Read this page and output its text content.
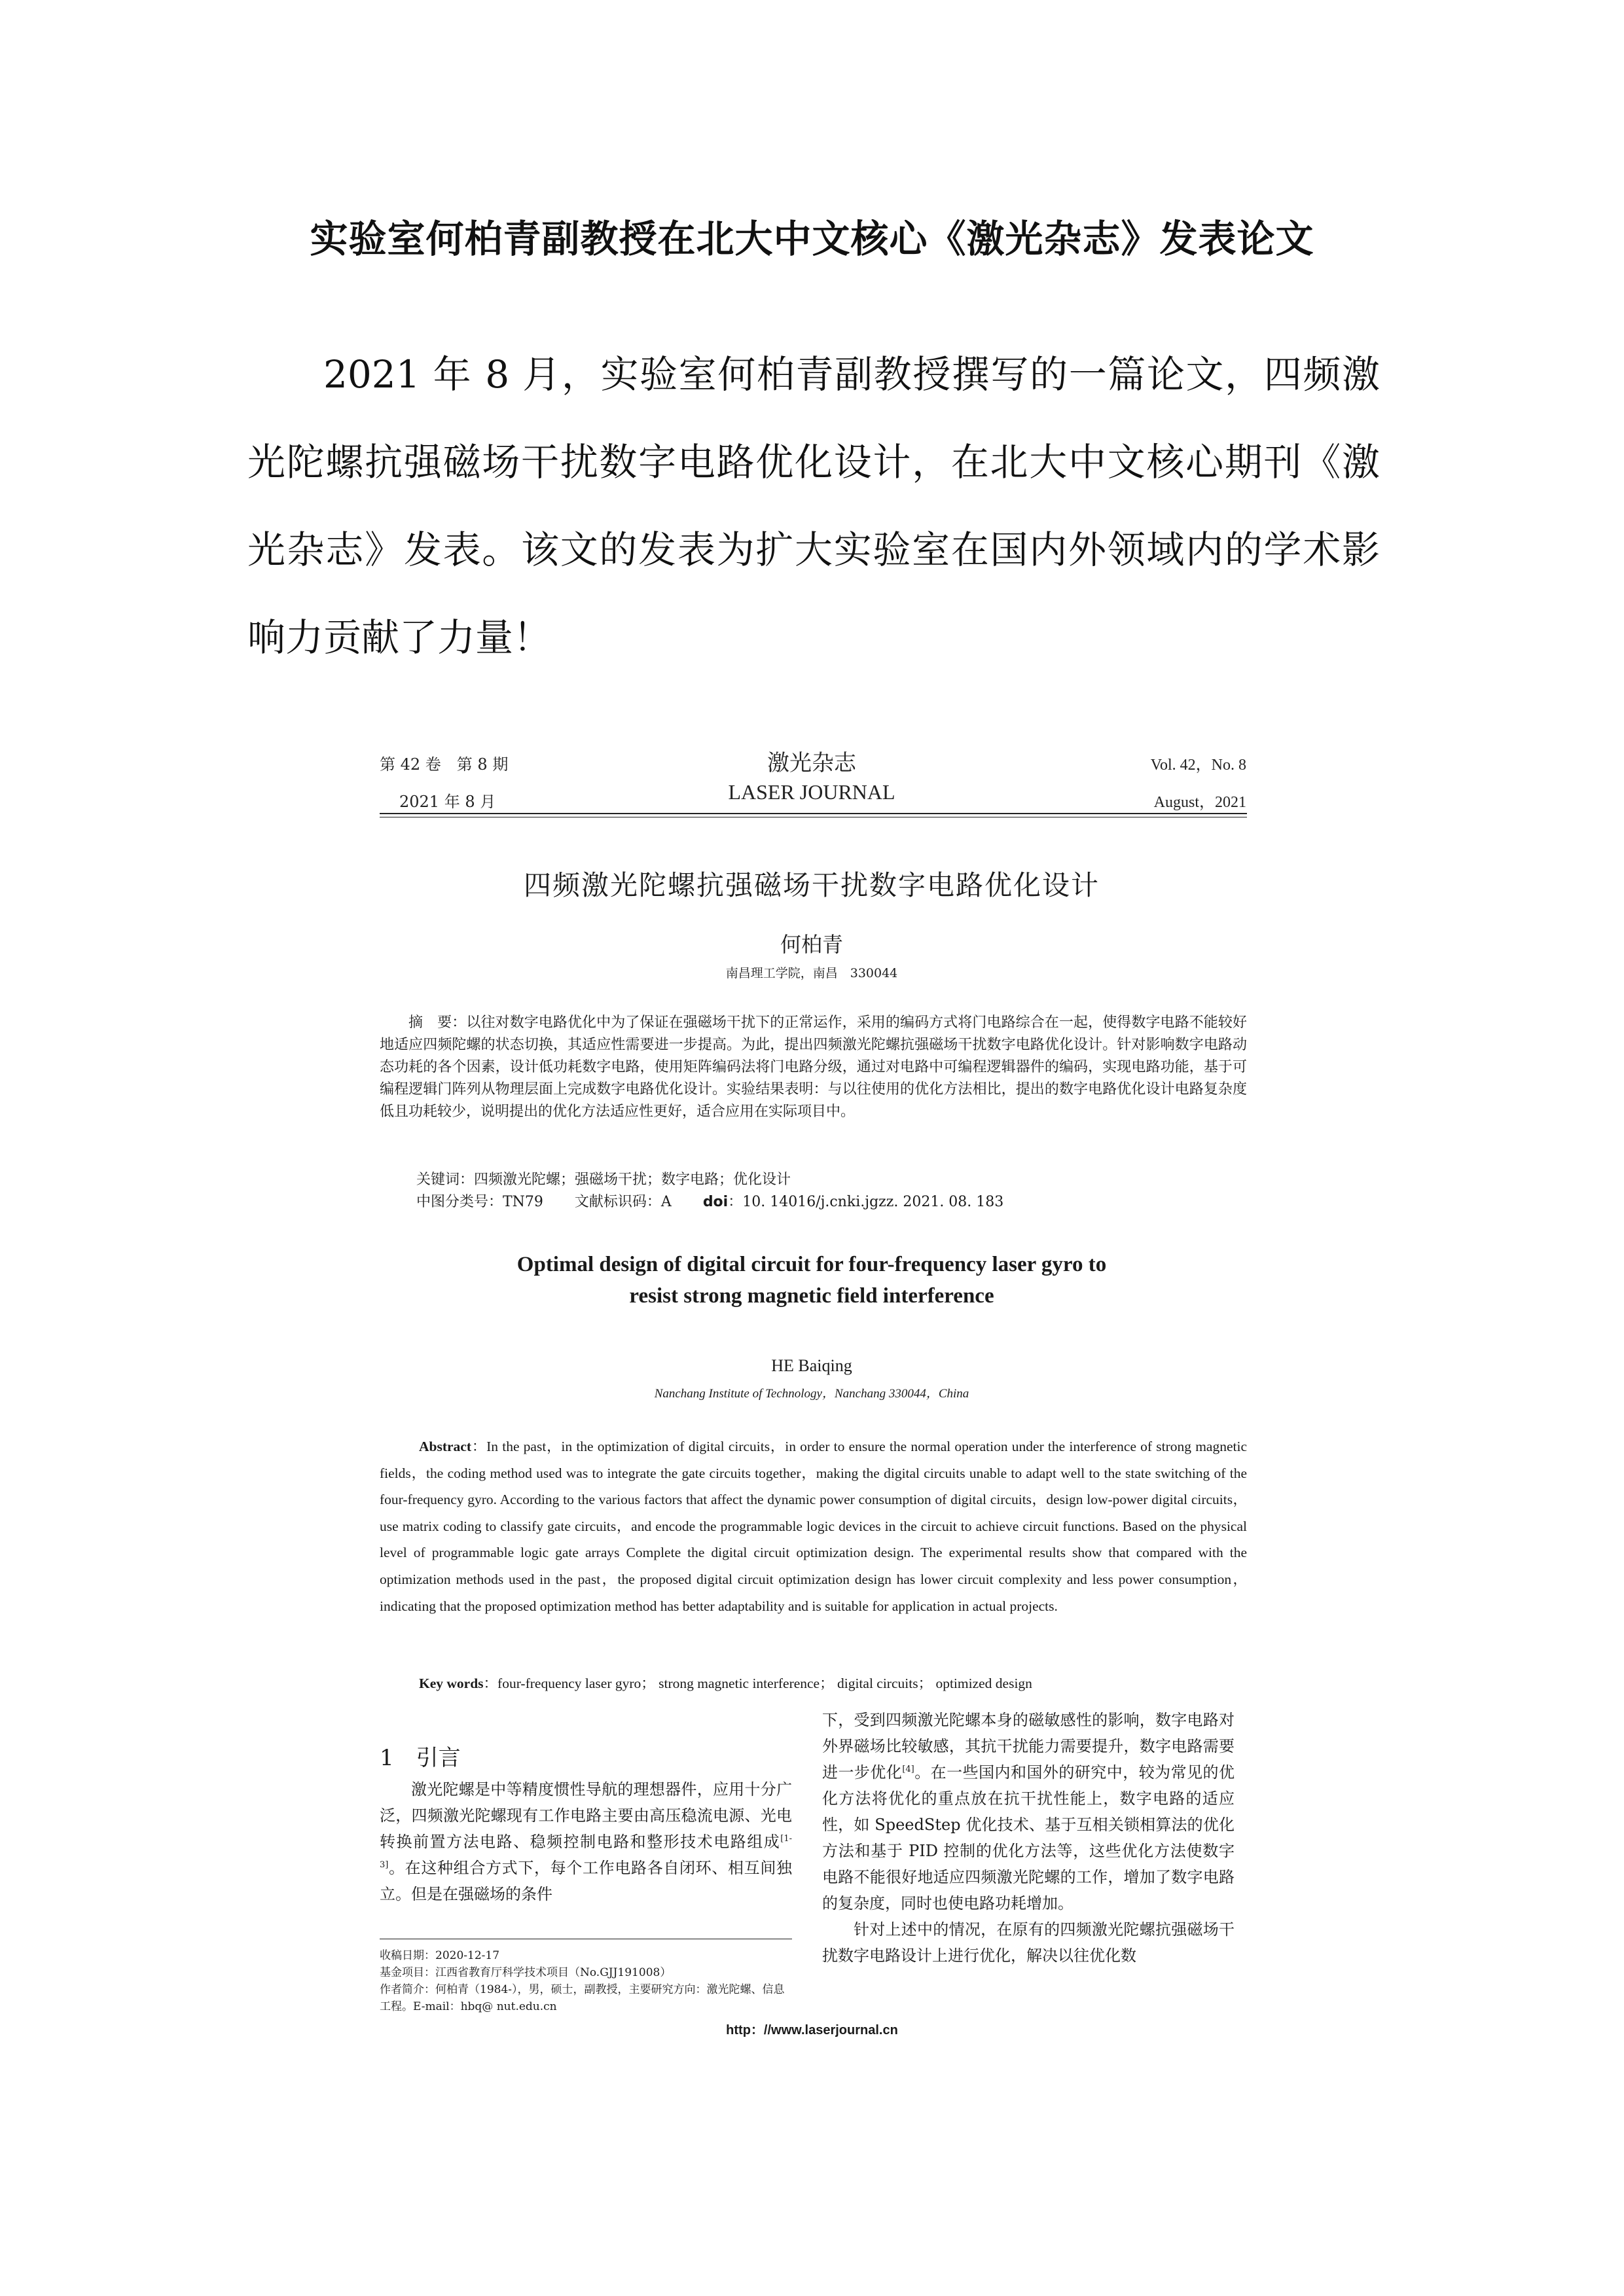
实验室何柏青副教授在北大中文核心《激光杂志》发表论文

2021 年 8 月，实验室何柏青副教授撰写的一篇论文，四频激光陀螺抗强磁场干扰数字电路优化设计，在北大中文核心期刊《激光杂志》发表。该文的发表为扩大实验室在国内外领域内的学术影响力贡献了力量！

第 42 卷　第 8 期
2021 年 8 月
激光杂志
LASER JOURNAL
Vol. 42，No. 8
August，2021
四频激光陀螺抗强磁场干扰数字电路优化设计
何柏青
南昌理工学院，南昌　330044

摘　要：以往对数字电路优化中为了保证在强磁场干扰下的正常运作，采用的编码方式将门电路综合在一起，使得数字电路不能较好地适应四频陀螺的状态切换，其适应性需要进一步提高。为此，提出四频激光陀螺抗强磁场干扰数字电路优化设计。针对影响数字电路动态功耗的各个因素，设计低功耗数字电路，使用矩阵编码法将门电路分级，通过对电路中可编程逻辑器件的编码，实现电路功能，基于可编程逻辑门阵列从物理层面上完成数字电路优化设计。实验结果表明：与以往使用的优化方法相比，提出的数字电路优化设计电路复杂度低且功耗较少，说明提出的优化方法适应性更好，适合应用在实际项目中。

关键词：四频激光陀螺；强磁场干扰；数字电路；优化设计
中图分类号：TN79 文献标识码：A doi：10. 14016/j.cnki.jgzz. 2021. 08. 183
Optimal design of digital circuit for four-frequency laser gyro to
resist strong magnetic field interference
HE Baiqing
Nanchang Institute of Technology，Nanchang 330044，China

Abstract：In the past，in the optimization of digital circuits，in order to ensure the normal operation under the interference of strong magnetic fields，the coding method used was to integrate the gate circuits together，making the digital circuits unable to adapt well to the state switching of the four-frequency gyro. According to the various factors that affect the dynamic power consumption of digital circuits，design low-power digital circuits，use matrix coding to classify gate circuits，and encode the programmable logic devices in the circuit to achieve circuit functions. Based on the physical level of programmable logic gate arrays Complete the digital circuit optimization design. The experimental results show that compared with the optimization methods used in the past，the proposed digital circuit optimization design has lower circuit complexity and less power consumption，indicating that the proposed optimization method has better adaptability and is suitable for application in actual projects.

Key words：four-frequency laser gyro； strong magnetic interference； digital circuits； optimized design
1　引言

激光陀螺是中等精度惯性导航的理想器件，应用十分广泛，四频激光陀螺现有工作电路主要由高压稳流电源、光电转换前置方法电路、稳频控制电路和整形技术电路组成[1-3]。在这种组合方式下，每个工作电路各自闭环、相互间独立。但是在强磁场的条件

收稿日期：2020-12-17
基金项目：江西省教育厅科学技术项目（No.GJJ191008）
作者简介：何柏青（1984-），男，硕士，副教授，主要研究方向：激光陀螺、信息工程。E-mail：hbq@ nut.edu.cn
下，受到四频激光陀螺本身的磁敏感性的影响，数字电路对外界磁场比较敏感，其抗干扰能力需要提升，数字电路需要进一步优化[4]。在一些国内和国外的研究中，较为常见的优化方法将优化的重点放在抗干扰性能上，数字电路的适应性，如 SpeedStep 优化技术、基于互相关锁相算法的优化方法和基于 PID 控制的优化方法等，这些优化方法使数字电路不能很好地适应四频激光陀螺的工作，增加了数字电路的复杂度，同时也使电路功耗增加。
针对上述中的情况，在原有的四频激光陀螺抗强磁场干扰数字电路设计上进行优化，解决以往优化数
http：//www.laserjournal.cn
